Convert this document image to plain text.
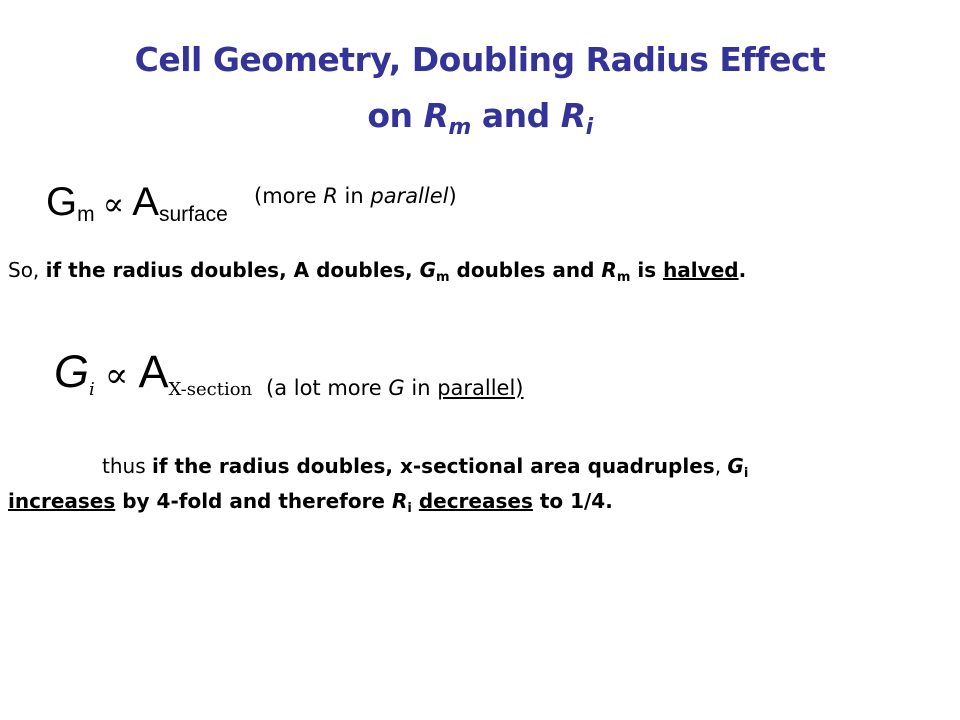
Cell Geometry, Doubling Radius Effect
on $R_m$ and $R_i$
$G_m \propto A_{surface}$
(more R in parallel)
So, if the radius doubles, A doubles, $G_m$ doubles and $R_m$ is halved.
$G_i \propto A_{X-section}$ (a lot more G in parallel)
thus if the radius doubles, x-sectional area quadruples, $G_i$
increases by 4-fold and therefore $R_i$ decreases to 1/4.
